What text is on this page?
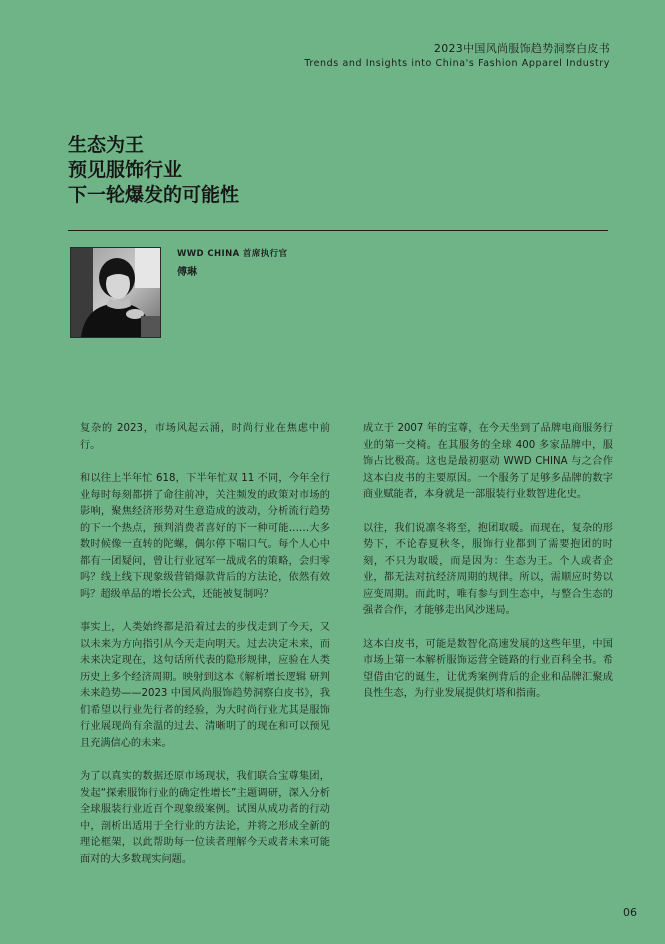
2023中国风尚服饰趋势洞察白皮书
Trends and Insights into China's Fashion Apparel Industry
生态为王
预见服饰行业
下一轮爆发的可能性
WWD CHINA 首席执行官
傅琳

复杂的 2023，市场风起云涌，时尚行业在焦虑中前行。

和以往上半年忙 618，下半年忙双 11 不同，今年全行业每时每刻都拼了命往前冲，关注频发的政策对市场的影响，聚焦经济形势对生意造成的波动，分析流行趋势的下一个热点，预判消费者喜好的下一种可能……大多数时候像一直转的陀螺，偶尔停下喘口气。每个人心中都有一团疑问，曾让行业冠军一战成名的策略，会归零吗？线上线下现象级营销爆款背后的方法论，依然有效吗？超级单品的增长公式，还能被复制吗？

事实上，人类始终都是沿着过去的步伐走到了今天，又以未来为方向指引从今天走向明天。过去决定未来，而未来决定现在，这句话所代表的隐形规律，应验在人类历史上多个经济周期。映射到这本《解析增长逻辑 研判未来趋势——2023 中国风尚服饰趋势洞察白皮书》，我们希望以行业先行者的经验，为大时尚行业尤其是服饰行业展现尚有余温的过去、清晰明了的现在和可以预见且充满信心的未来。

为了以真实的数据还原市场现状，我们联合宝尊集团，发起“探索服饰行业的确定性增长”主题调研，深入分析全球服装行业近百个现象级案例。试图从成功者的行动中，剖析出适用于全行业的方法论，并将之形成全新的理论框架，以此帮助每一位读者理解今天或者未来可能面对的大多数现实问题。

成立于 2007 年的宝尊，在今天坐到了品牌电商服务行业的第一交椅。在其服务的全球 400 多家品牌中，服饰占比极高。这也是最初驱动 WWD CHINA 与之合作这本白皮书的主要原因。一个服务了足够多品牌的数字商业赋能者，本身就是一部服装行业数智进化史。

以往，我们说凛冬将至，抱团取暖。而现在，复杂的形势下，不论春夏秋冬，服饰行业都到了需要抱团的时刻，不只为取暖，而是因为：生态为王。个人或者企业，都无法对抗经济周期的规律。所以，需顺应时势以应变周期。而此时，唯有参与到生态中，与整合生态的强者合作，才能够走出风沙迷局。

这本白皮书，可能是数智化高速发展的这些年里，中国市场上第一本解析服饰运营全链路的行业百科全书。希望借由它的诞生，让优秀案例背后的企业和品牌汇聚成良性生态，为行业发展提供灯塔和指南。

06
